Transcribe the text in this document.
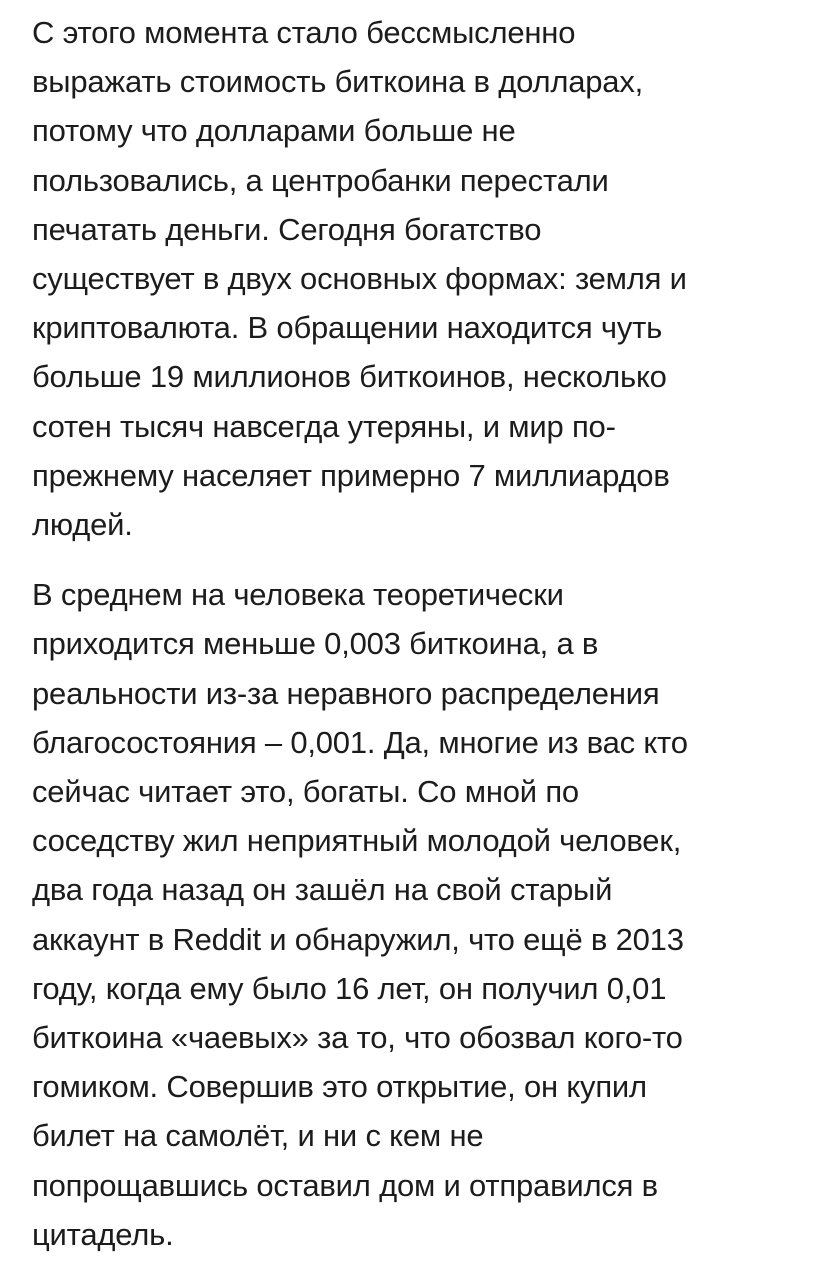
С этого момента стало бессмысленно
выражать стоимость биткоина в долларах,
потому что долларами больше не
пользовались, а центробанки перестали
печатать деньги. Сегодня богатство
существует в двух основных формах: земля и
криптовалюта. В обращении находится чуть
больше 19 миллионов биткоинов, несколько
сотен тысяч навсегда утеряны, и мир по-
прежнему населяет примерно 7 миллиардов
людей.

В среднем на человека теоретически
приходится меньше 0,003 биткоина, а в
реальности из-за неравного распределения
благосостояния – 0,001. Да, многие из вас кто
сейчас читает это, богаты. Со мной по
соседству жил неприятный молодой человек,
два года назад он зашёл на свой старый
аккаунт в Reddit и обнаружил, что ещё в 2013
году, когда ему было 16 лет, он получил 0,01
биткоина «чаевых» за то, что обозвал кого-то
гомиком. Совершив это открытие, он купил
билет на самолёт, и ни с кем не
попрощавшись оставил дом и отправился в
цитадель.
